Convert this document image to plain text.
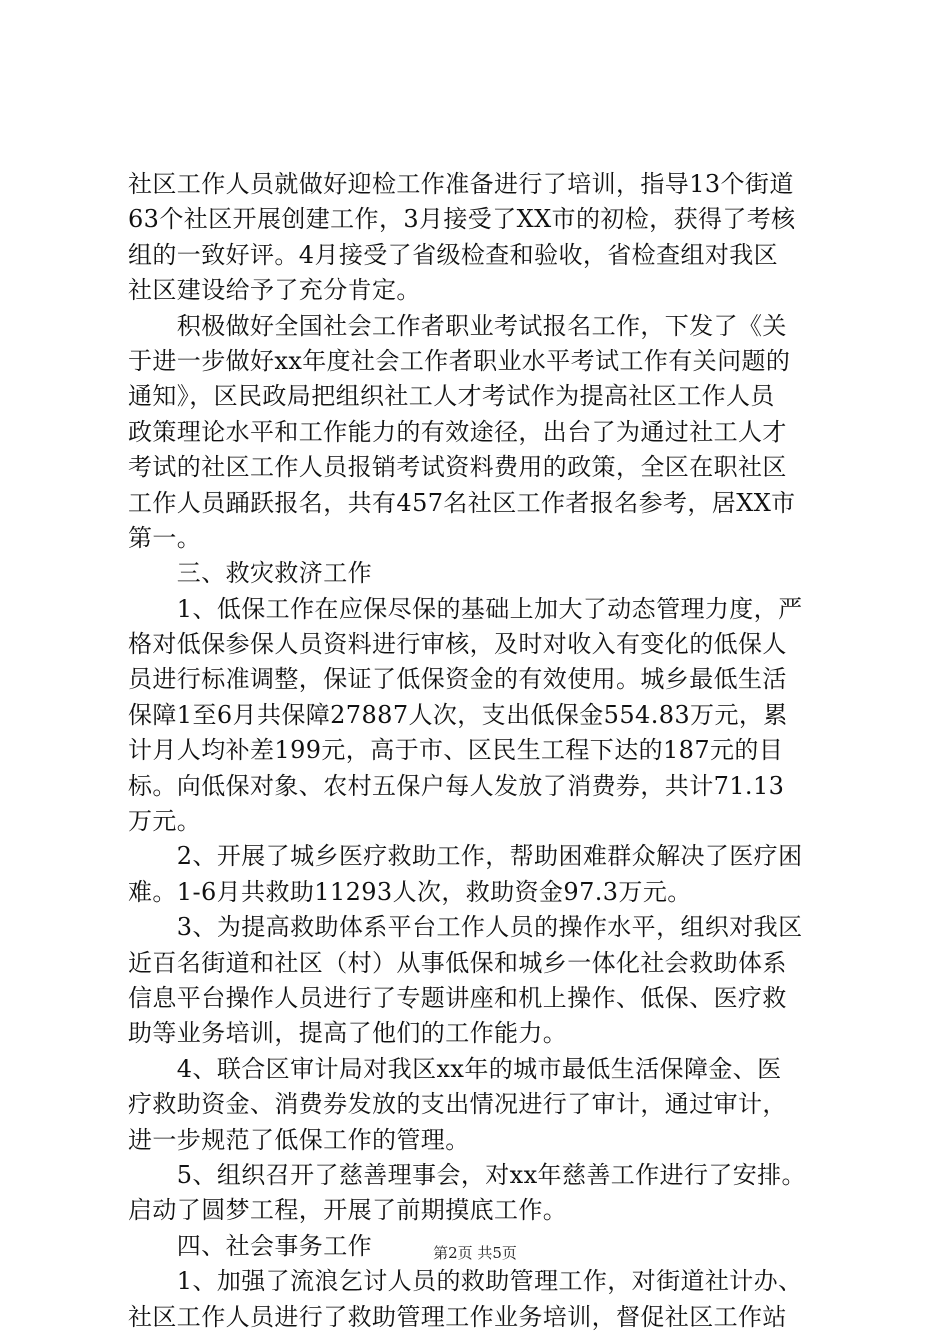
社区工作人员就做好迎检工作准备进行了培训，指导13个街道
63个社区开展创建工作，3月接受了XX市的初检，获得了考核
组的一致好评。4月接受了省级检查和验收，省检查组对我区
社区建设给予了充分肯定。
　　积极做好全国社会工作者职业考试报名工作，下发了《关
于进一步做好xx年度社会工作者职业水平考试工作有关问题的
通知》，区民政局把组织社工人才考试作为提高社区工作人员
政策理论水平和工作能力的有效途径，出台了为通过社工人才
考试的社区工作人员报销考试资料费用的政策，全区在职社区
工作人员踊跃报名，共有457名社区工作者报名参考，居XX市
第一。
　　三、救灾救济工作
　　1、低保工作在应保尽保的基础上加大了动态管理力度，严
格对低保参保人员资料进行审核，及时对收入有变化的低保人
员进行标准调整，保证了低保资金的有效使用。城乡最低生活
保障1至6月共保障27887人次，支出低保金554.83万元，累
计月人均补差199元，高于市、区民生工程下达的187元的目
标。向低保对象、农村五保户每人发放了消费券，共计71.13
万元。
　　2、开展了城乡医疗救助工作，帮助困难群众解决了医疗困
难。1-6月共救助11293人次，救助资金97.3万元。
　　3、为提高救助体系平台工作人员的操作水平，组织对我区
近百名街道和社区（村）从事低保和城乡一体化社会救助体系
信息平台操作人员进行了专题讲座和机上操作、低保、医疗救
助等业务培训，提高了他们的工作能力。
　　4、联合区审计局对我区xx年的城市最低生活保障金、医
疗救助资金、消费券发放的支出情况进行了审计，通过审计，
进一步规范了低保工作的管理。
　　5、组织召开了慈善理事会，对xx年慈善工作进行了安排。
启动了圆梦工程，开展了前期摸底工作。
　　四、社会事务工作
　　1、加强了流浪乞讨人员的救助管理工作，对街道社计办、
社区工作人员进行了救助管理工作业务培训，督促社区工作站
第2页 共5页
